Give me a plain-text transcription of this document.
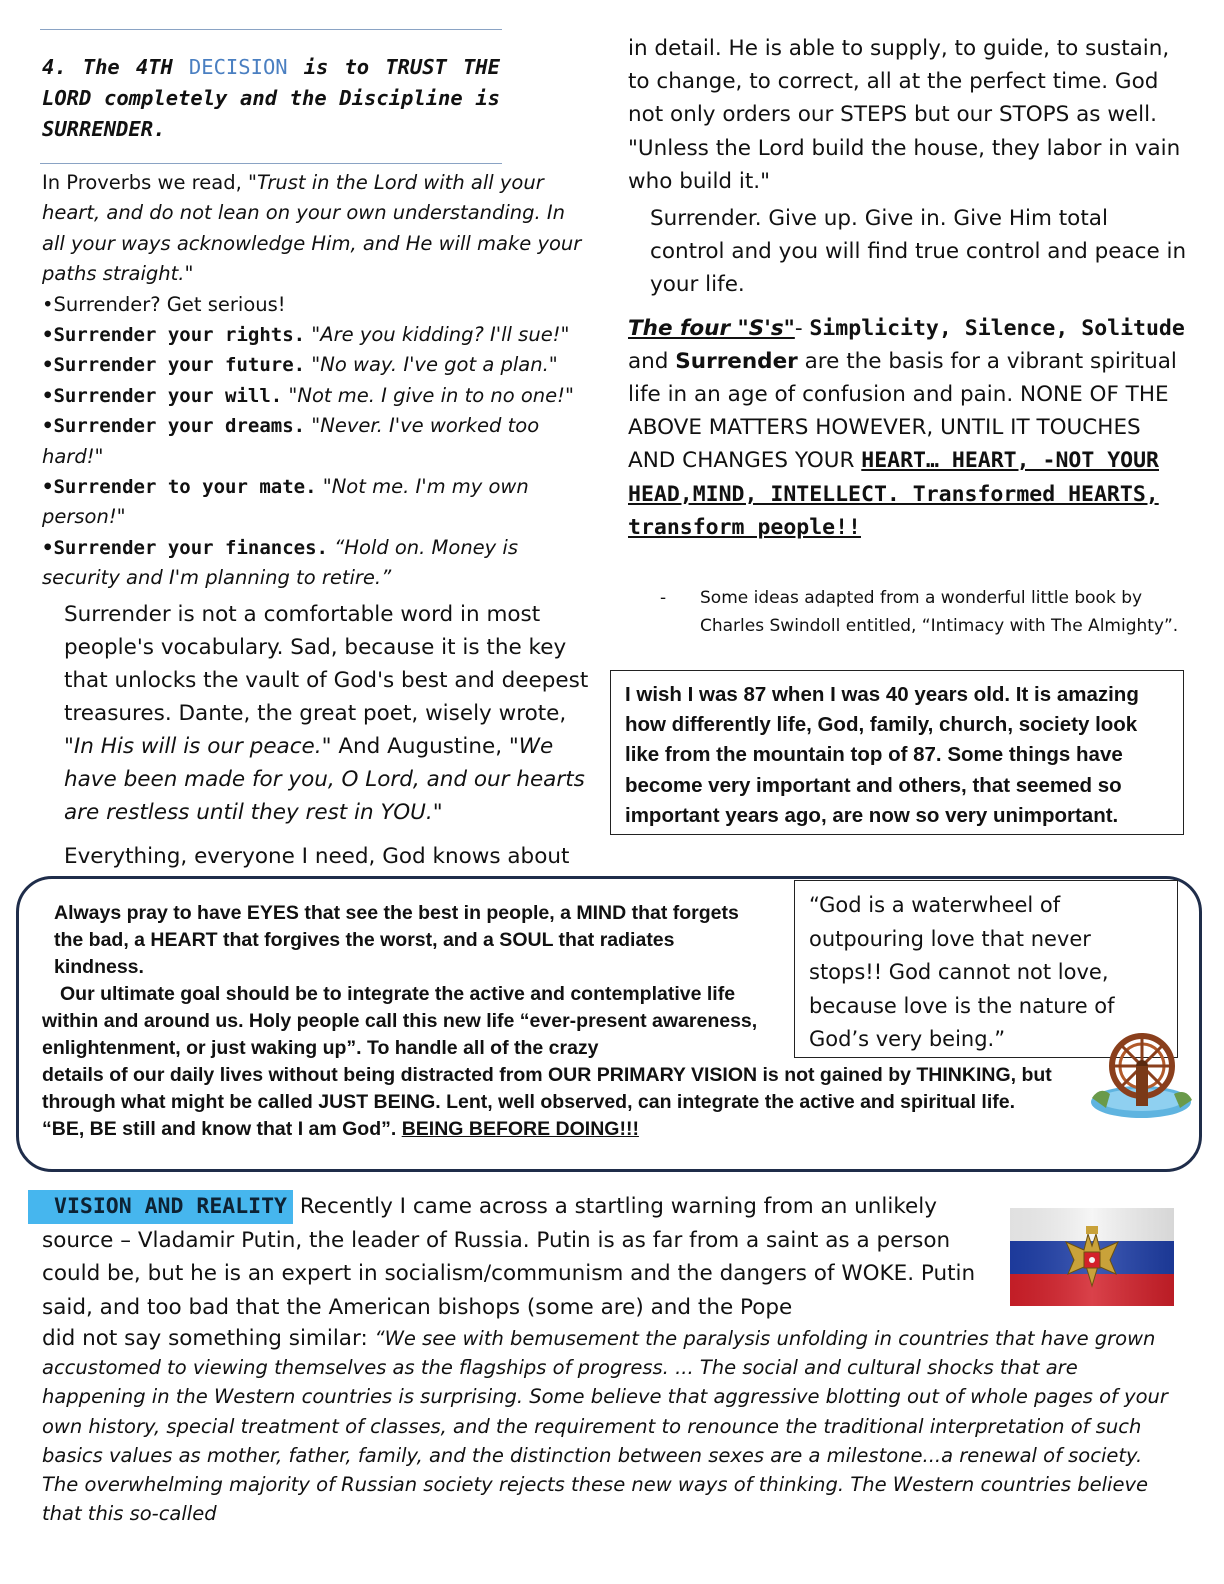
4. The 4TH DECISION is to TRUST THE LORD completely and the Discipline is SURRENDER.

In Proverbs we read, "Trust in the Lord with all your heart, and do not lean on your own understanding. In all your ways acknowledge Him, and He will make your paths straight."

•Surrender? Get serious!

•Surrender your rights. "Are you kidding? I'll sue!"

•Surrender your future. "No way. I've got a plan."

•Surrender your will. "Not me. I give in to no one!"

•Surrender your dreams. "Never. I've worked too hard!"

•Surrender to your mate. "Not me. I'm my own person!"

•Surrender your finances. “Hold on. Money is security and I'm planning to retire.”

Surrender is not a comfortable word in most people's vocabulary. Sad, because it is the key that unlocks the vault of God's best and deepest treasures. Dante, the great poet, wisely wrote, "In His will is our peace." And Augustine, "We have been made for you, O Lord, and our hearts are restless until they rest in YOU."

Everything, everyone I need, God knows about

in detail. He is able to supply, to guide, to sustain, to change, to correct, all at the perfect time. God not only orders our STEPS but our STOPS as well. "Unless the Lord build the house, they labor in vain who build it."

Surrender. Give up. Give in. Give Him total control and you will find true control and peace in your life.

The four "S's"- Simplicity, Silence, Solitude and Surrender are the basis for a vibrant spiritual life in an age of confusion and pain. NONE OF THE ABOVE MATTERS HOWEVER, UNTIL IT TOUCHES AND CHANGES YOUR HEART… HEART, -NOT YOUR HEAD,MIND, INTELLECT. Transformed HEARTS, transform people!!

- Some ideas adapted from a wonderful little book by Charles Swindoll entitled, “Intimacy with The Almighty”.
I wish I was 87 when I was 40 years old. It is amazing how differently life, God, family, church, society look like from the mountain top of 87. Some things have become very important and others, that seemed so important years ago, are now so very unimportant.

Always pray to have EYES that see the best in people, a MIND that forgets the bad, a HEART that forgives the worst, and a SOUL that radiates kindness.

Our ultimate goal should be to integrate the active and contemplative life within and around us. Holy people call this new life “ever-present awareness, enlightenment, or just waking up”. To handle all of the crazy

details of our daily lives without being distracted from OUR PRIMARY VISION is not gained by THINKING, but through what might be called JUST BEING. Lent, well observed, can integrate the active and spiritual life. “BE, BE still and know that I am God”. BEING BEFORE DOING!!!

“God is a waterwheel of outpouring love that never stops!! God cannot not love, because love is the nature of God’s very being.”
VISION AND REALITY Recently I came across a startling warning from an unlikely source – Vladamir Putin, the leader of Russia. Putin is as far from a saint as a person could be, but he is an expert in socialism/communism and the dangers of WOKE. Putin said, and too bad that the American bishops (some are) and the Pope
did not say something similar: “We see with bemusement the paralysis unfolding in countries that have grown accustomed to viewing themselves as the flagships of progress. ... The social and cultural shocks that are happening in the Western countries is surprising. Some believe that aggressive blotting out of whole pages of your own history, special treatment of classes, and the requirement to renounce the traditional interpretation of such basics values as mother, father, family, and the distinction between sexes are a milestone...a renewal of society. The overwhelming majority of Russian society rejects these new ways of thinking. The Western countries believe that this so-called
